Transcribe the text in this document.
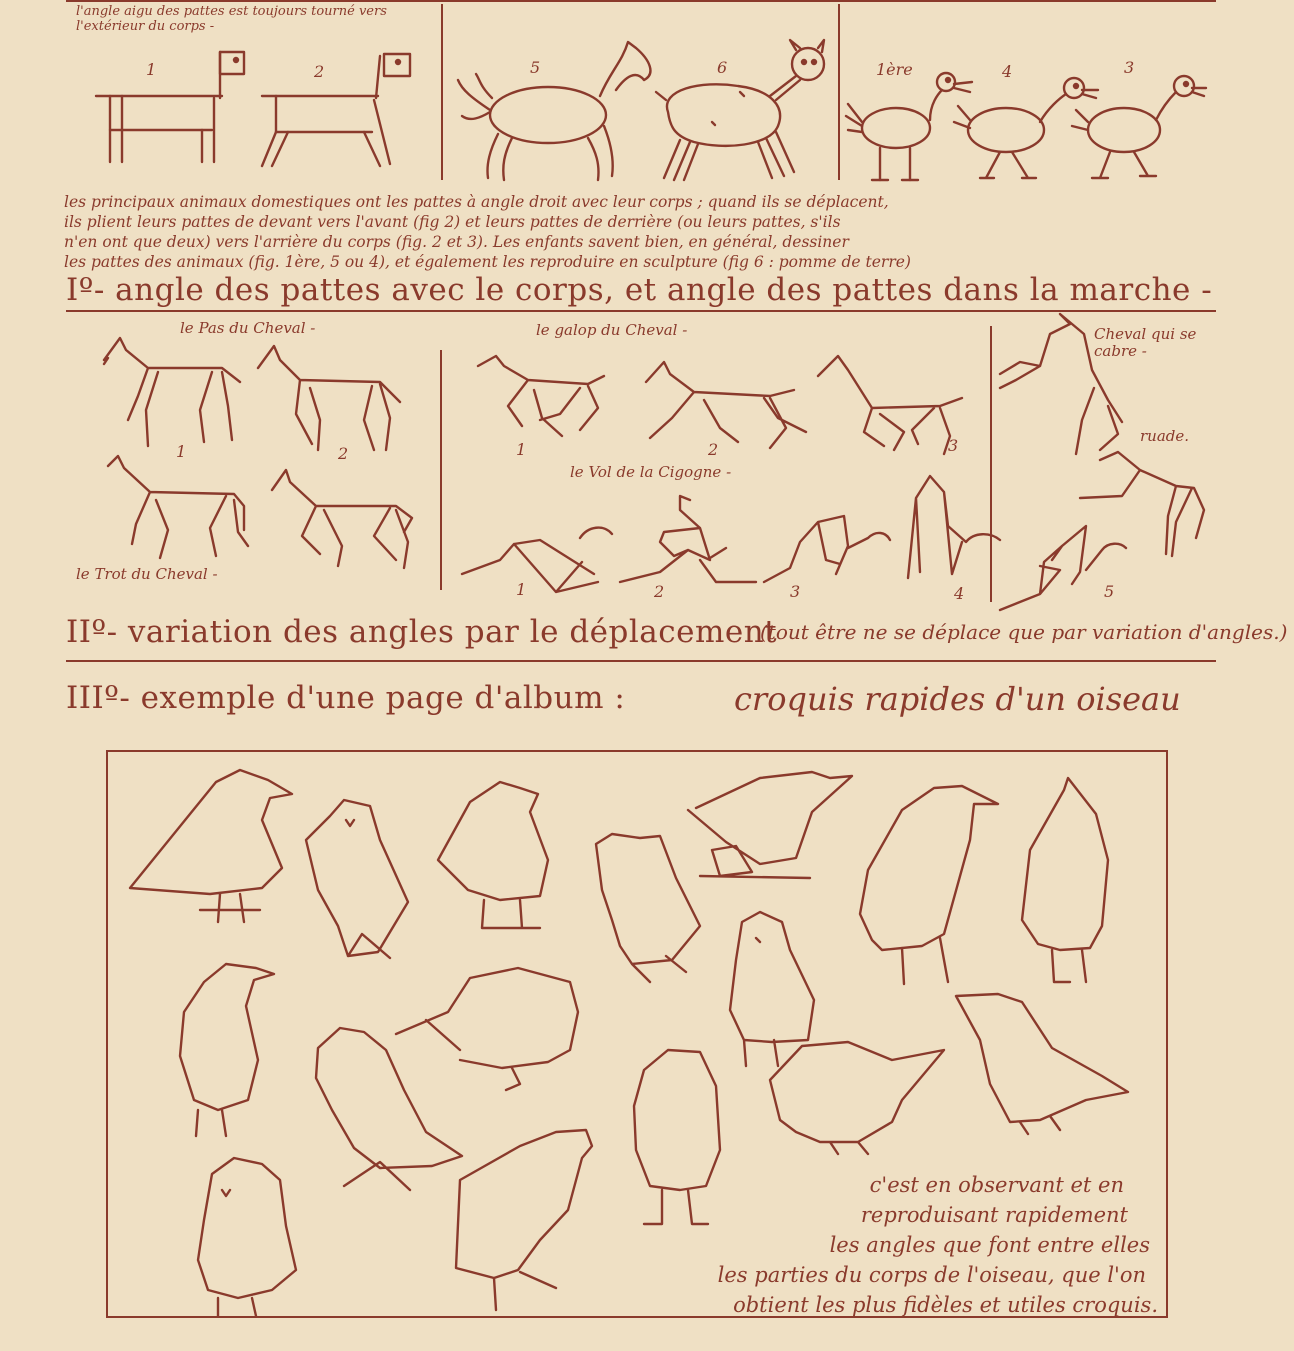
l'angle aigu des pattes est toujours tourné vers l'extérieur du corps -
1	2	5	6	1ère	4	3
les principaux animaux domestiques ont les pattes à angle droit avec leur corps ; quand ils se déplacent,
ils plient leurs pattes de devant vers l'avant (fig 2) et leurs pattes de derrière (ou leurs pattes, s'ils
n'en ont que deux) vers l'arrière du corps (fig. 2 et 3). Les enfants savent bien, en général, dessiner
les pattes des animaux (fig. 1ère, 5 ou 4), et également les reproduire en sculpture (fig 6 : pomme de terre)
Iº- angle des pattes avec le corps, et angle des pattes dans la marche -
le Pas du Cheval -	le galop du Cheval -	Cheval qui se cabre -
ruade.
le Vol de la Cigogne -
le Trot du Cheval -
1	2	1	2	3
1	2	3	4	5
IIº- variation des angles par le déplacement
(tout être ne se déplace que par variation d'angles.)
IIIº- exemple d'une page d'album :	croquis rapides d'un oiseau
c'est en observant et en
reproduisant rapidement
les angles que font entre elles
les parties du corps de l'oiseau, que l'on
obtient les plus fidèles et utiles croquis.
